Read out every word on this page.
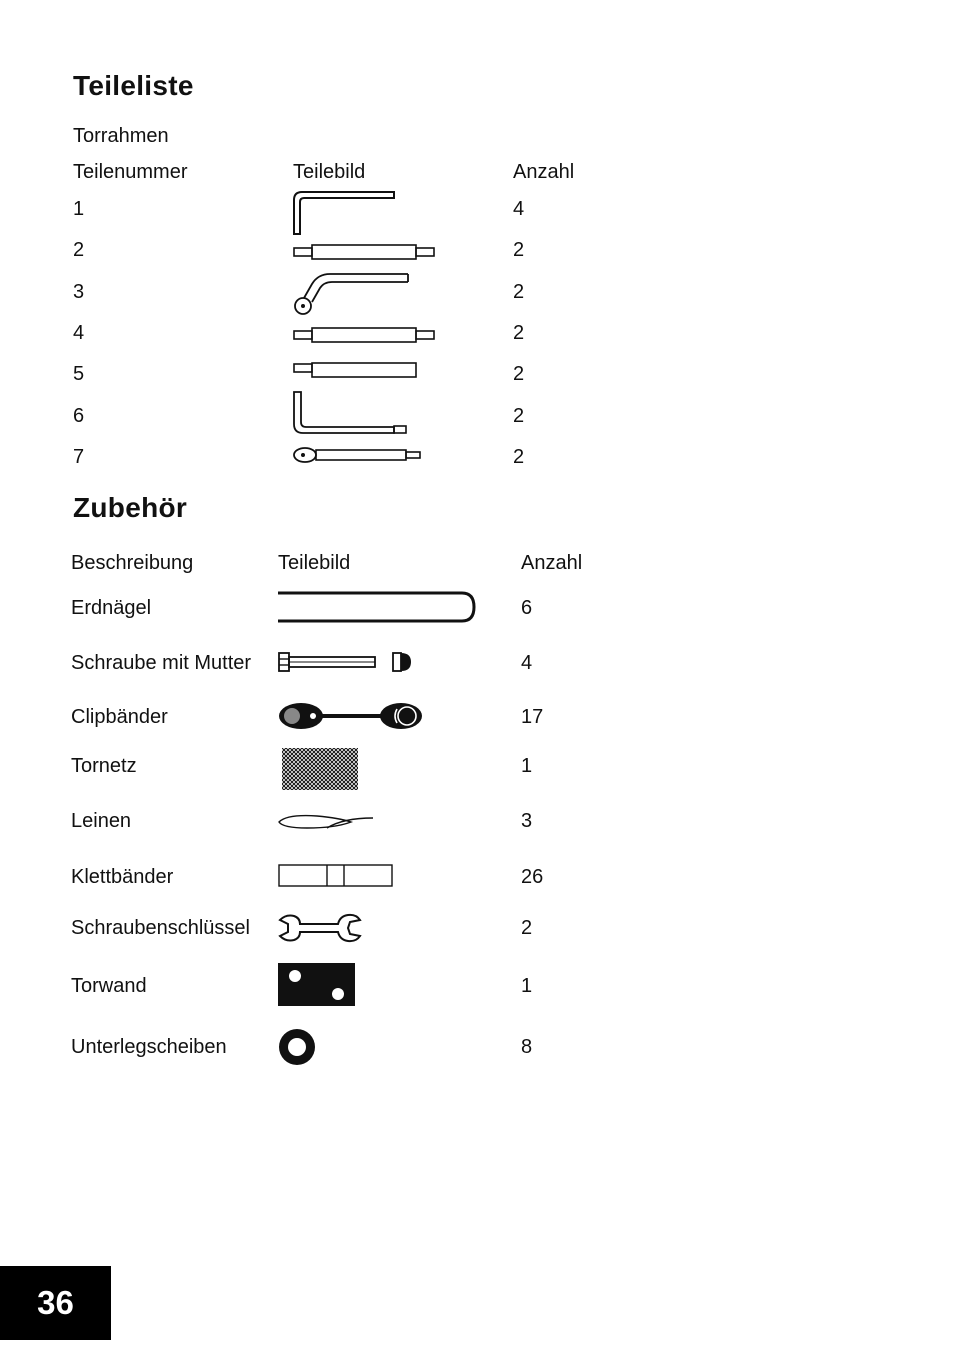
Teileliste
Torrahmen
Teilenummer	Teilebild	Anzahl
1	4
2	2
3	2
4	2
5	2
6	2
7	2
Zubehör
Beschreibung	Teilebild	Anzahl
Erdnägel	6
Schraube mit Mutter	4
Clipbänder	17
Tornetz	1
Leinen	3
Klettbänder	26
Schraubenschlüssel	2
Torwand	1
Unterlegscheiben	8
36
